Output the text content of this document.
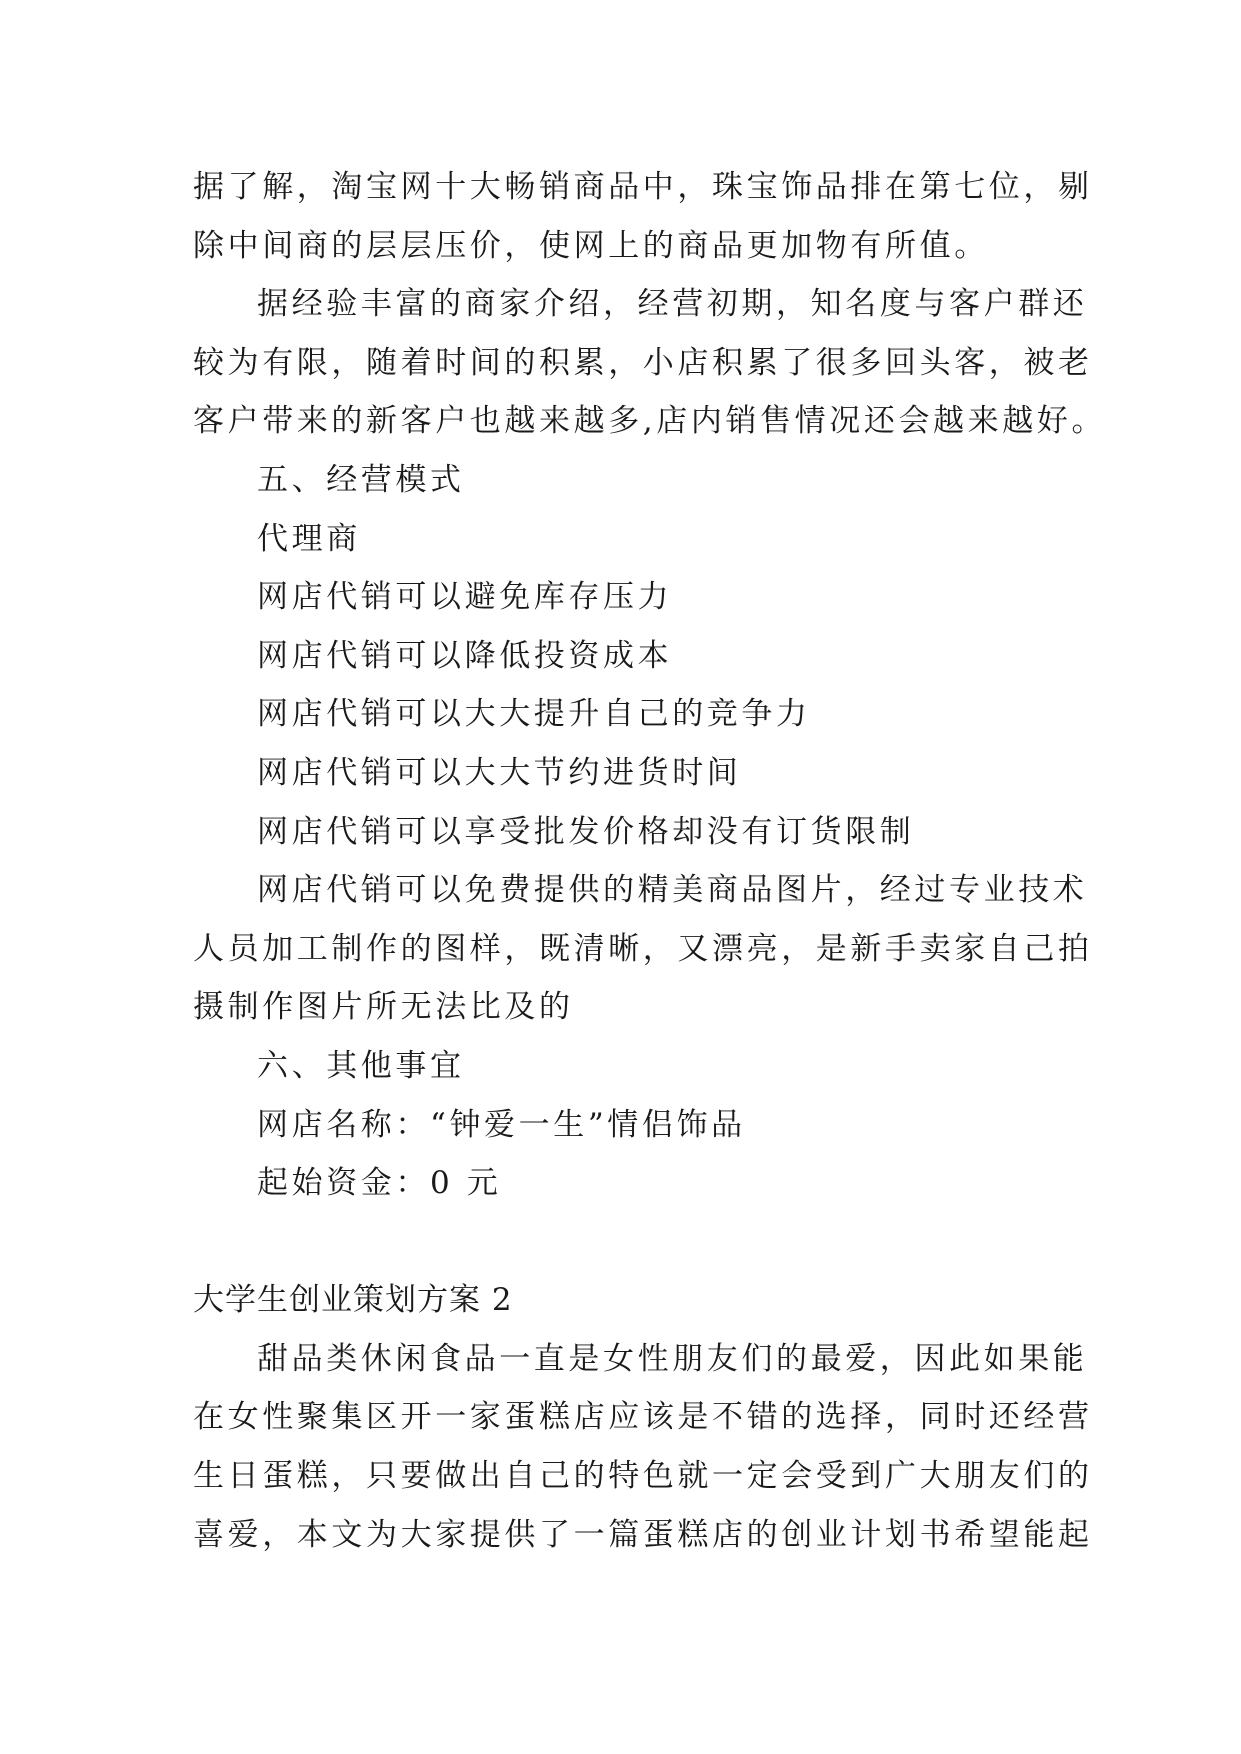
据了解，淘宝网十大畅销商品中，珠宝饰品排在第七位，剔
除中间商的层层压价，使网上的商品更加物有所值。
据经验丰富的商家介绍，经营初期，知名度与客户群还
较为有限，随着时间的积累，小店积累了很多回头客，被老
客户带来的新客户也越来越多,店内销售情况还会越来越好。
五、经营模式
代理商
网店代销可以避免库存压力
网店代销可以降低投资成本
网店代销可以大大提升自己的竞争力
网店代销可以大大节约进货时间
网店代销可以享受批发价格却没有订货限制
网店代销可以免费提供的精美商品图片，经过专业技术
人员加工制作的图样，既清晰，又漂亮，是新手卖家自己拍
摄制作图片所无法比及的
六、其他事宜
网店名称：“钟爱一生”情侣饰品
起始资金：0 元
大学生创业策划方案 2
甜品类休闲食品一直是女性朋友们的最爱，因此如果能
在女性聚集区开一家蛋糕店应该是不错的选择，同时还经营
生日蛋糕，只要做出自己的特色就一定会受到广大朋友们的
喜爱，本文为大家提供了一篇蛋糕店的创业计划书希望能起
